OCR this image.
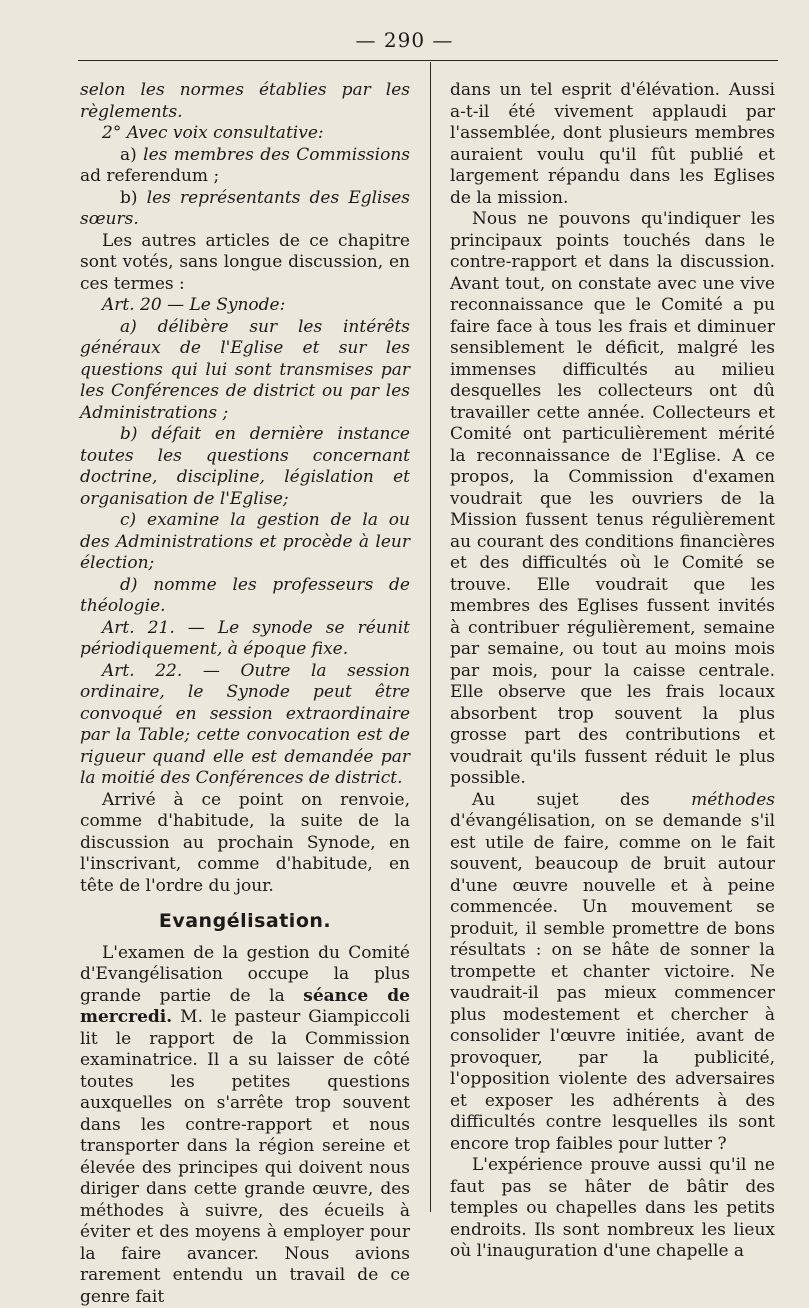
— 290 —

selon les normes établies par les règlements.

2° Avec voix consultative:

a) les membres des Commissions ad referendum ;

b) les représentants des Eglises sœurs.

Les autres articles de ce chapitre sont votés, sans longue discussion, en ces termes :

Art. 20 — Le Synode:

a) délibère sur les intérêts généraux de l'Eglise et sur les questions qui lui sont transmises par les Conférences de district ou par les Administrations ;

b) défait en dernière instance toutes les questions concernant doctrine, discipline, législation et organisation de l'Eglise;

c) examine la gestion de la ou des Administrations et procède à leur élection;

d) nomme les professeurs de théologie.

Art. 21. — Le synode se réunit périodiquement, à époque fixe.

Art. 22. — Outre la session ordinaire, le Synode peut être convoqué en session extraordinaire par la Table; cette convocation est de rigueur quand elle est demandée par la moitié des Conférences de district.

Arrivé à ce point on renvoie, comme d'habitude, la suite de la discussion au prochain Synode, en l'inscrivant, comme d'habitude, en tête de l'ordre du jour.

Evangélisation.

L'examen de la gestion du Comité d'Evangélisation occupe la plus grande partie de la séance de mercredi. M. le pasteur Giampiccoli lit le rapport de la Commission examinatrice. Il a su laisser de côté toutes les petites questions auxquelles on s'arrête trop souvent dans les contre-rapport et nous transporter dans la région sereine et élevée des principes qui doivent nous diriger dans cette grande œuvre, des méthodes à suivre, des écueils à éviter et des moyens à employer pour la faire avancer. Nous avions rarement entendu un travail de ce genre fait

dans un tel esprit d'élévation. Aussi a-t-il été vivement applaudi par l'assemblée, dont plusieurs membres auraient voulu qu'il fût publié et largement répandu dans les Eglises de la mission.

Nous ne pouvons qu'indiquer les principaux points touchés dans le contre-rapport et dans la discussion. Avant tout, on constate avec une vive reconnaissance que le Comité a pu faire face à tous les frais et diminuer sensiblement le déficit, malgré les immenses difficultés au milieu desquelles les collecteurs ont dû travailler cette année. Collecteurs et Comité ont particulièrement mérité la reconnaissance de l'Eglise. A ce propos, la Commission d'examen voudrait que les ouvriers de la Mission fussent tenus régulièrement au courant des conditions financières et des difficultés où le Comité se trouve. Elle voudrait que les membres des Eglises fussent invités à contribuer régulièrement, semaine par semaine, ou tout au moins mois par mois, pour la caisse centrale. Elle observe que les frais locaux absorbent trop souvent la plus grosse part des contributions et voudrait qu'ils fussent réduit le plus possible.

Au sujet des méthodes d'évangélisation, on se demande s'il est utile de faire, comme on le fait souvent, beaucoup de bruit autour d'une œuvre nouvelle et à peine commencée. Un mouvement se produit, il semble promettre de bons résultats : on se hâte de sonner la trompette et chanter victoire. Ne vaudrait-il pas mieux commencer plus modestement et chercher à consolider l'œuvre initiée, avant de provoquer, par la publicité, l'opposition violente des adversaires et exposer les adhérents à des difficultés contre lesquelles ils sont encore trop faibles pour lutter ?

L'expérience prouve aussi qu'il ne faut pas se hâter de bâtir des temples ou chapelles dans les petits endroits. Ils sont nombreux les lieux où l'inauguration d'une chapelle a
